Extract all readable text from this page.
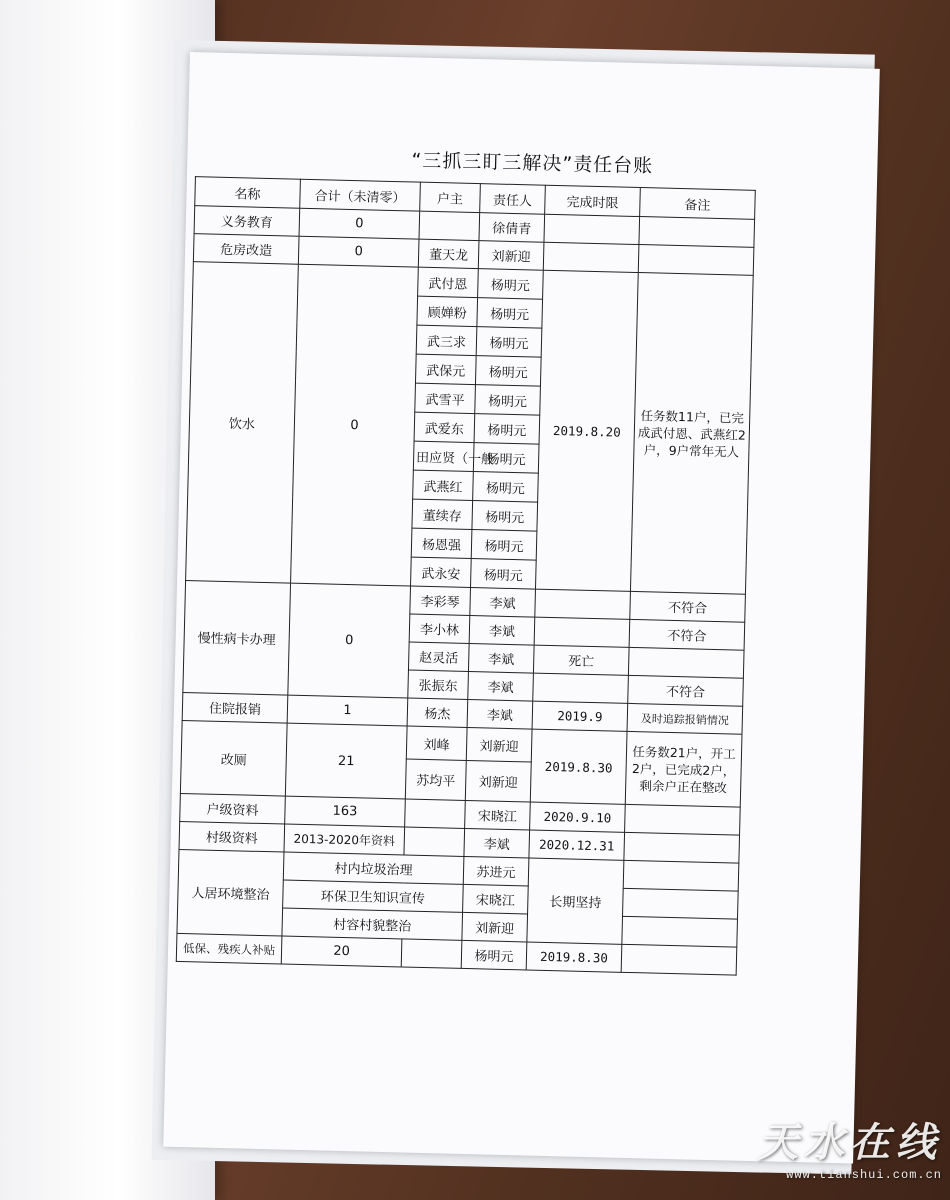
“三抓三盯三解决”责任台账
名称	合计（未清零）	户主	责任人	完成时限	备注
义务教育	0		徐倩青		
危房改造	0	董天龙	刘新迎		
饮水	0	武付恩	杨明元	2019.8.20	任务数11户，已完成武付恩、武燕红2户，9户常年无人
		顾婵粉	杨明元		
		武三求	杨明元		
		武保元	杨明元		
		武雪平	杨明元		
		武爱东	杨明元		
		田应贤（一般	杨明元		
		武燕红	杨明元		
		董续存	杨明元		
		杨恩强	杨明元		
		武永安	杨明元		
慢性病卡办理	0	李彩琴	李斌		不符合
		李小林	李斌		不符合
		赵灵活	李斌	死亡	
		张振东	李斌		不符合
住院报销	1	杨杰	李斌	2019.9	及时追踪报销情况
改厕	21	刘峰	刘新迎	2019.8.30	任务数21户，开工2户，已完成2户，剩余户正在整改
		苏均平	刘新迎		
户级资料	163		宋晓江	2020.9.10	
村级资料	2013-2020年资料		李斌	2020.12.31	
人居环境整治	村内垃圾治理		苏进元	长期坚持	
	环保卫生知识宣传		宋晓江		
	村容村貌整治		刘新迎		
低保、残疾人补贴	20		杨明元	2019.8.30	
天水在线
www.tianshui.com.cn
